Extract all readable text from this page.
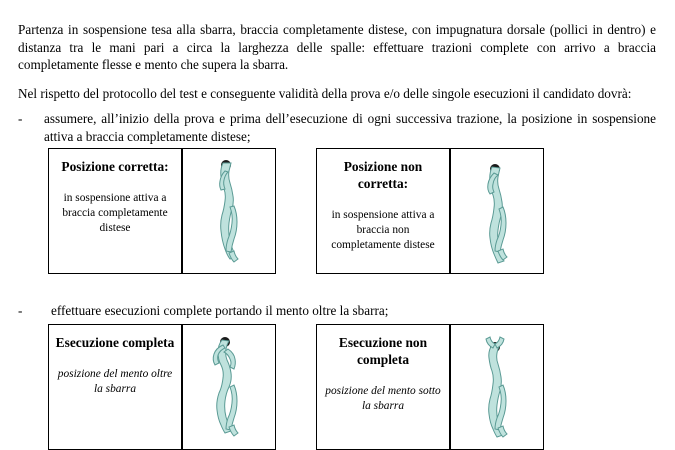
Partenza in sospensione tesa alla sbarra, braccia completamente distese, con impugnatura dorsale (pollici in dentro) e distanza tra le mani pari a circa la larghezza delle spalle: effettuare trazioni complete con arrivo a braccia completamente flesse e mento che supera la sbarra.

Nel rispetto del protocollo del test e conseguente validità della prova e/o delle singole esecuzioni il candidato dovrà:

-	assumere, all’inizio della prova e prima dell’esecuzione di ogni successiva trazione, la posizione in sospensione attiva a braccia completamente distese;
-	effettuare esecuzioni complete portando il mento oltre la sbarra;
Posizione corretta:
in sospensione attiva a braccia completamente distese
Posizione non corretta:
in sospensione attiva a braccia non completamente distese
Esecuzione completa
posizione del mento oltre la sbarra
Esecuzione non completa
posizione del mento sotto la sbarra
